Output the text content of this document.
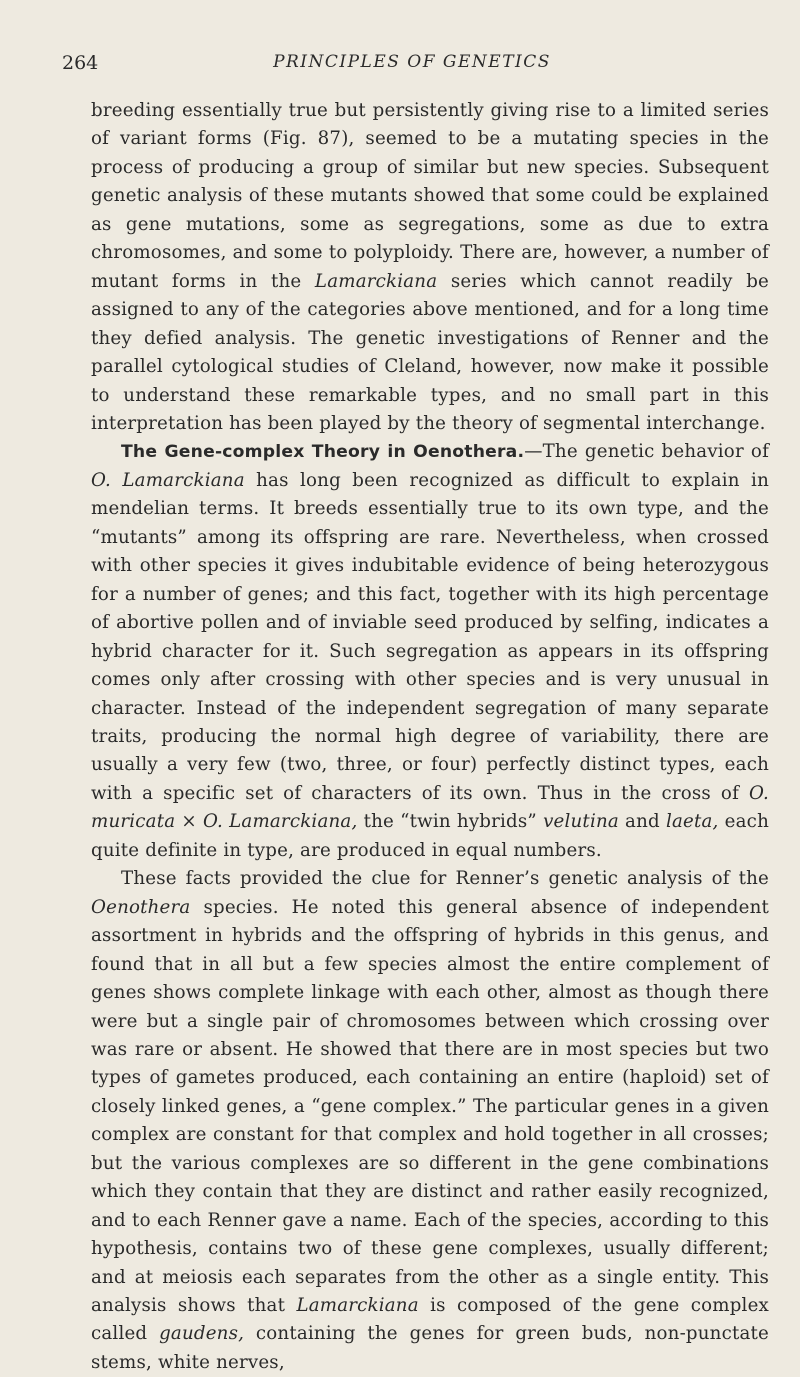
264	PRINCIPLES OF GENETICS

breeding essentially true but persistently giving rise to a limited series of variant forms (Fig. 87), seemed to be a mutating species in the process of producing a group of similar but new species. Subsequent genetic analysis of these mutants showed that some could be explained as gene mutations, some as segregations, some as due to extra chromosomes, and some to polyploidy. There are, however, a number of mutant forms in the Lamarckiana series which cannot readily be assigned to any of the categories above mentioned, and for a long time they defied analysis. The genetic investigations of Renner and the parallel cytological studies of Cleland, however, now make it possible to understand these remarkable types, and no small part in this interpretation has been played by the theory of segmental interchange.

The Gene-complex Theory in Oenothera.—The genetic behavior of O. Lamarckiana has long been recognized as difficult to explain in mendelian terms. It breeds essentially true to its own type, and the “mutants” among its offspring are rare. Nevertheless, when crossed with other species it gives indubitable evidence of being heterozygous for a number of genes; and this fact, together with its high percentage of abortive pollen and of inviable seed produced by selfing, indicates a hybrid character for it. Such segregation as appears in its offspring comes only after crossing with other species and is very unusual in character. Instead of the independent segregation of many separate traits, producing the normal high degree of variability, there are usually a very few (two, three, or four) perfectly distinct types, each with a specific set of characters of its own. Thus in the cross of O. muricata × O. Lamarckiana, the “twin hybrids” velutina and laeta, each quite definite in type, are produced in equal numbers.

These facts provided the clue for Renner’s genetic analysis of the Oenothera species. He noted this general absence of independent assortment in hybrids and the offspring of hybrids in this genus, and found that in all but a few species almost the entire complement of genes shows complete linkage with each other, almost as though there were but a single pair of chromosomes between which crossing over was rare or absent. He showed that there are in most species but two types of gametes produced, each containing an entire (haploid) set of closely linked genes, a “gene complex.” The particular genes in a given complex are constant for that complex and hold together in all crosses; but the various complexes are so different in the gene combinations which they contain that they are distinct and rather easily recognized, and to each Renner gave a name. Each of the species, according to this hypothesis, contains two of these gene complexes, usually different; and at meiosis each separates from the other as a single entity. This analysis shows that Lamarckiana is composed of the gene complex called gaudens, containing the genes for green buds, non-punctate stems, white nerves,
